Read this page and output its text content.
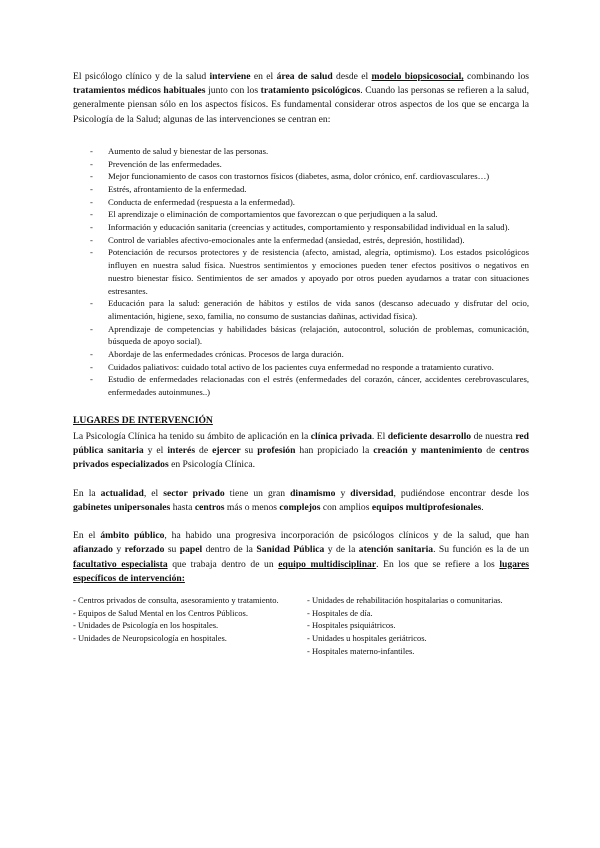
El psicólogo clínico y de la salud interviene en el área de salud desde el modelo biopsicosocial, combinando los tratamientos médicos habituales junto con los tratamiento psicológicos. Cuando las personas se refieren a la salud, generalmente piensan sólo en los aspectos físicos. Es fundamental considerar otros aspectos de los que se encarga la Psicología de la Salud; algunas de las intervenciones se centran en:

- Aumento de salud y bienestar de las personas.
- Prevención de las enfermedades.
- Mejor funcionamiento de casos con trastornos físicos (diabetes, asma, dolor crónico, enf. cardiovasculares…)
- Estrés, afrontamiento de la enfermedad.
- Conducta de enfermedad (respuesta a la enfermedad).
- El aprendizaje o eliminación de comportamientos que favorezcan o que perjudiquen a la salud.
- Información y educación sanitaria (creencias y actitudes, comportamiento y responsabilidad individual en la salud).
- Control de variables afectivo-emocionales ante la enfermedad (ansiedad, estrés, depresión, hostilidad).
- Potenciación de recursos protectores y de resistencia (afecto, amistad, alegría, optimismo). Los estados psicológicos influyen en nuestra salud física. Nuestros sentimientos y emociones pueden tener efectos positivos o negativos en nuestro bienestar físico. Sentimientos de ser amados y apoyado por otros pueden ayudarnos a tratar con situaciones estresantes.
- Educación para la salud: generación de hábitos y estilos de vida sanos (descanso adecuado y disfrutar del ocio, alimentación, higiene, sexo, familia, no consumo de sustancias dañinas, actividad física).
- Aprendizaje de competencias y habilidades básicas (relajación, autocontrol, solución de problemas, comunicación, búsqueda de apoyo social).
- Abordaje de las enfermedades crónicas. Procesos de larga duración.
- Cuidados paliativos: cuidado total activo de los pacientes cuya enfermedad no responde a tratamiento curativo.
- Estudio de enfermedades relacionadas con el estrés (enfermedades del corazón, cáncer, accidentes cerebrovasculares, enfermedades autoinmunes..)
LUGARES DE INTERVENCIÓN

La Psicología Clínica ha tenido su ámbito de aplicación en la clínica privada. El deficiente desarrollo de nuestra red pública sanitaria y el interés de ejercer su profesión han propiciado la creación y mantenimiento de centros privados especializados en Psicología Clínica.

En la actualidad, el sector privado tiene un gran dinamismo y diversidad, pudiéndose encontrar desde los gabinetes unipersonales hasta centros más o menos complejos con amplios equipos multiprofesionales.

En el ámbito público, ha habido una progresiva incorporación de psicólogos clínicos y de la salud, que han afianzado y reforzado su papel dentro de la Sanidad Pública y de la atención sanitaria. Su función es la de un facultativo especialista que trabaja dentro de un equipo multidisciplinar. En los que se refiere a los lugares específicos de intervención:

- Centros privados de consulta, asesoramiento y tratamiento.
- Equipos de Salud Mental en los Centros Públicos.
- Unidades de Psicología en los hospitales.
- Unidades de Neuropsicología en hospitales.
- Unidades de rehabilitación hospitalarias o comunitarias.
- Hospitales de día.
- Hospitales psiquiátricos.
- Unidades u hospitales geriátricos.
- Hospitales materno-infantiles.
